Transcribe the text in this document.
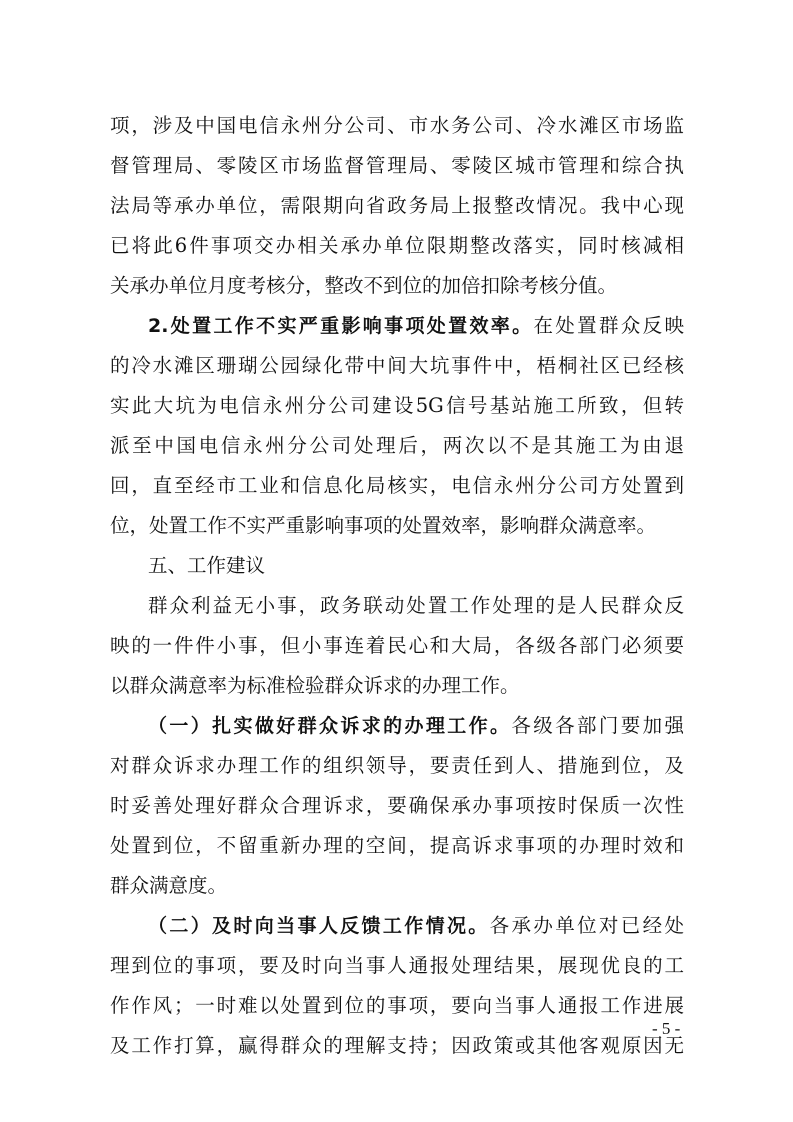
项，涉及中国电信永州分公司、市水务公司、冷水滩区市场监
督管理局、零陵区市场监督管理局、零陵区城市管理和综合执
法局等承办单位，需限期向省政务局上报整改情况。我中心现
已将此6件事项交办相关承办单位限期整改落实，同时核减相
关承办单位月度考核分，整改不到位的加倍扣除考核分值。
2.处置工作不实严重影响事项处置效率。在处置群众反映
的冷水滩区珊瑚公园绿化带中间大坑事件中，梧桐社区已经核
实此大坑为电信永州分公司建设5G信号基站施工所致，但转
派至中国电信永州分公司处理后，两次以不是其施工为由退
回，直至经市工业和信息化局核实，电信永州分公司方处置到
位，处置工作不实严重影响事项的处置效率，影响群众满意率。
五、工作建议
群众利益无小事，政务联动处置工作处理的是人民群众反
映的一件件小事，但小事连着民心和大局，各级各部门必须要
以群众满意率为标准检验群众诉求的办理工作。
（一）扎实做好群众诉求的办理工作。各级各部门要加强
对群众诉求办理工作的组织领导，要责任到人、措施到位，及
时妥善处理好群众合理诉求，要确保承办事项按时保质一次性
处置到位，不留重新办理的空间，提高诉求事项的办理时效和
群众满意度。
（二）及时向当事人反馈工作情况。各承办单位对已经处
理到位的事项，要及时向当事人通报处理结果，展现优良的工
作作风；一时难以处置到位的事项，要向当事人通报工作进展
及工作打算，赢得群众的理解支持；因政策或其他客观原因无
- 5 -
